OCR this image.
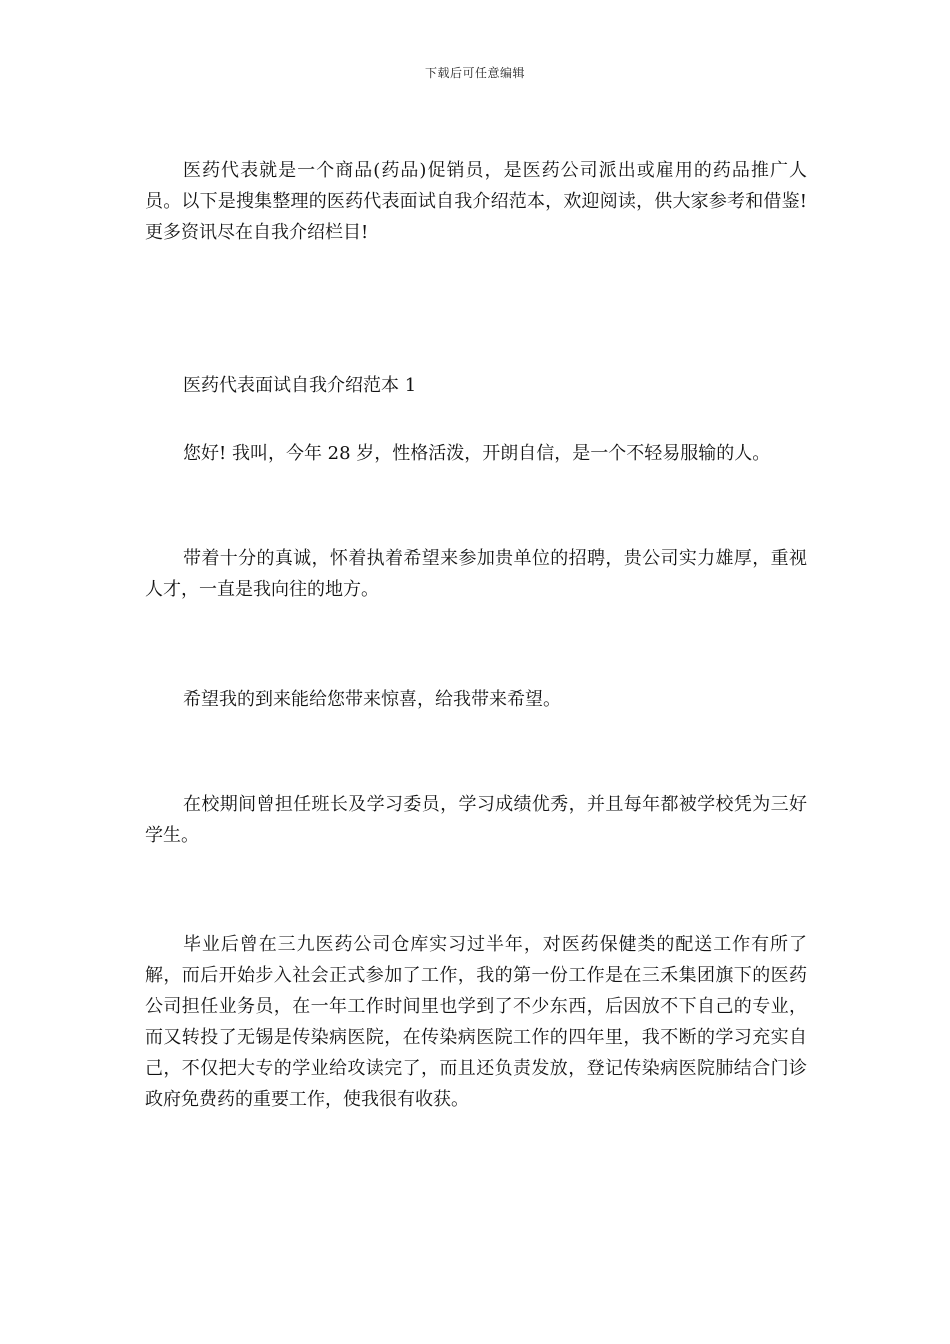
下载后可任意编辑

医药代表就是一个商品(药品)促销员，是医药公司派出或雇用的药品推广人员。以下是搜集整理的医药代表面试自我介绍范本，欢迎阅读，供大家参考和借鉴!更多资讯尽在自我介绍栏目!

医药代表面试自我介绍范本 1

您好! 我叫，今年 28 岁，性格活泼，开朗自信，是一个不轻易服输的人。

带着十分的真诚，怀着执着希望来参加贵单位的招聘，贵公司实力雄厚，重视人才，一直是我向往的地方。

希望我的到来能给您带来惊喜，给我带来希望。

在校期间曾担任班长及学习委员，学习成绩优秀，并且每年都被学校凭为三好学生。

毕业后曾在三九医药公司仓库实习过半年，对医药保健类的配送工作有所了解，而后开始步入社会正式参加了工作，我的第一份工作是在三禾集团旗下的医药公司担任业务员，在一年工作时间里也学到了不少东西，后因放不下自己的专业，而又转投了无锡是传染病医院，在传染病医院工作的四年里，我不断的学习充实自己，不仅把大专的学业给攻读完了，而且还负责发放，登记传染病医院肺结合门诊政府免费药的重要工作，使我很有收获。
